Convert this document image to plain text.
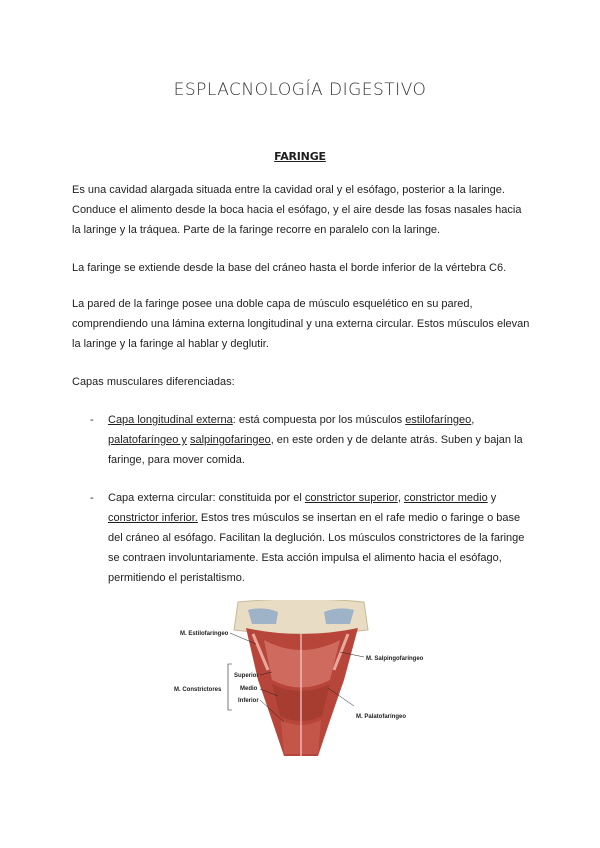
ESPLACNOLOGÍA DIGESTIVO
FARINGE

Es una cavidad alargada situada entre la cavidad oral y el esófago, posterior a la laringe. Conduce el alimento desde la boca hacia el esófago, y el aire desde las fosas nasales hacia la laringe y la tráquea. Parte de la faringe recorre en paralelo con la laringe.

La faringe se extiende desde la base del cráneo hasta el borde inferior de la vértebra C6.

La pared de la faringe posee una doble capa de músculo esquelético en su pared, comprendiendo una lámina externa longitudinal y una externa circular. Estos músculos elevan la laringe y la faringe al hablar y deglutir.

Capas musculares diferenciadas:

- Capa longitudinal externa: está compuesta por los músculos estilofaríngeo, palatofaríngeo y salpingofaringeo, en este orden y de delante atrás. Suben y bajan la faringe, para mover comida.

- Capa externa circular: constituida por el constrictor superior, constrictor medio y constrictor inferior. Estos tres músculos se insertan en el rafe medio o faringe o base del cráneo al esófago. Facilitan la deglución. Los músculos constrictores de la faringe se contraen involuntariamente. Esta acción impulsa el alimento hacia el esófago, permitiendo el peristaltismo.

M. Estilofaríngeo
M. Constrictores
Superior
Medio
Inferior
M. Salpingofaríngeo
M. Palatofaríngeo
